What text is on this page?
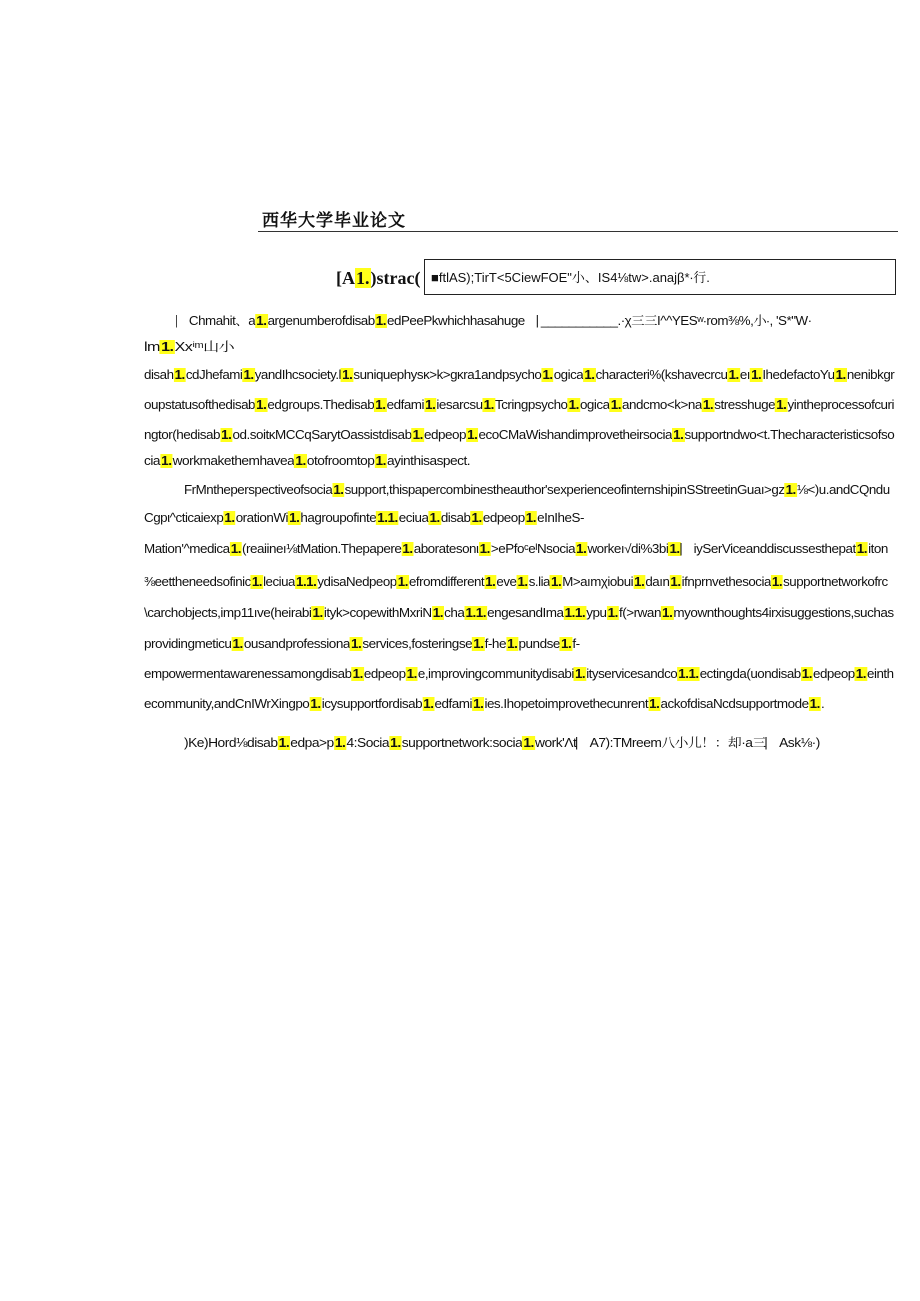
西华大学毕业论文
[A1.)strac( ■ftlAS);TirT<5CiewFOE"小、IS4⅛tw>.anajβ*∙行.
⎸Chmahit、a1.argenumberofdisab1.edPeePkwhichhasahuge⎹ ___________.·χ三三I^^YESʷ∙rom⅜%,小∙, 'S*"W·
lm1.Xxⁱᵐ山小
disah1.cdJhefami1.yandIhcsociety.l1.suniquephysκ>k>gκra1andpsycho1.ogica1.characteri%(kshavecrcu1.eı1.IhedefactoYu1.nenibkgr
oupstatusofthedisab1.edgroups.Thedisab1.edfami1.iesarcsu1.Tcringpsycho1.ogica1.andcmo<k>na1.stresshuge1.yintheprocessofcuri
ngtor(hedisab1.od.soitκMCCqSarytOassistdisab1.edpeop1.ecoCMaWishandimprovetheirsocia1.supportndwo<t.Thecharacteristicsofso
cia1.workmakethemhavea1.otofroomtop1.ayinthisaspect.
FrMntheperspectiveofsocia1.support,thispapercombinestheauthor'sexperienceofinternshipinSStreetinGuaı>gz1.⅛<)u.andCQndu
Cgpι^cticaiexp1.orationWi1.hagroupofinte1.1.eciua1.disab1.edpeop1.eInIheS-
Mation'^medica1.(reaiineı⅛tMation.Thepapere1.aboratesonι1.>ePfoᶜeᴵNsocia1.workeı√di%3bi1.⎸iySerViceanddiscussesthepat1.iton
⅜eettheneedsofinic1.leciua1.1.ydisaNedpeop1.efromdifferent1.eve1.s.lia1.M>aımχiobui1.daın1.ifnprnvethesocia1.supportnetworkofrc
\carchobjects,imp11ıve(heirabi1.ityk>copewithMxriN1.cha1.1.engesandIma1.1.ypu1.f(>rwan1.myownthoughts4irxisuggestions,suchas
providingmeticu1.ousandprofessiona1.services,fosteringse1.f-he1.pundse1.f-
empowermentawarenessamongdisab1.edpeop1.e,improvingcommunitydisabi1.ityservicesandco1.1.ectingda(uondisab1.edpeop1.einth
ecommunity,andCnIWrXingpo1.icysupportfordisab1.edfami1.ies.Ihopetoimprovethecunrent1.ackofdisaNcdsupportmode1..
)Ke)Hord⅛disab1.edpa>p1.4:Socia1.supportnetwork:socia1.work'Λt⎸A7):TMreem八小儿！：却·a三⎸Ask⅛·)
